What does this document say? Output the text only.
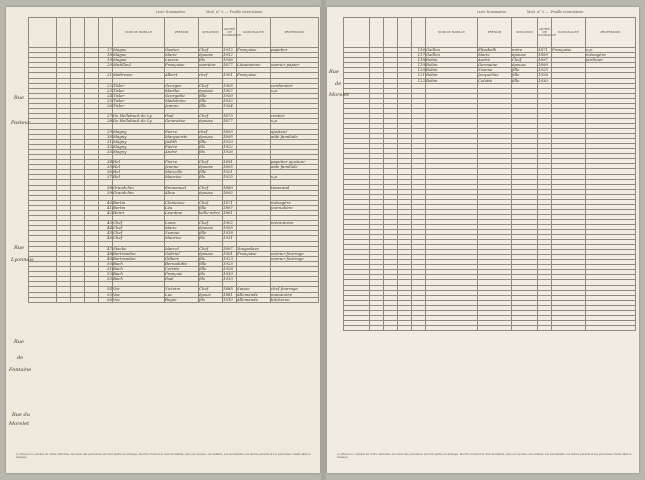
Liste Nominative	Mod. n° 3. — Feuille intercalaire.
					NOM DE FAMILLE	PRÉNOM	SITUATION	ANNÉE DE NAISSANCE	NATIONALITÉ	PROFESSION
				17	Magne	Gaston	Chef	1912	Française	papetier
				18	Magne	Marie	épouse	1912		
				19	Magne	Lucien	fils	1936		
				20	Mutilleul	Françoise	ouvrière	1877	Lituanienne	ouvrier papier

				21	Maîtresse	Albert	chef	1901	Française	

				22	Tisler	Georges	Chef	1905		cordonnier
				23	Tisler	Marthe	épouse	1907		s.p.
				24	Tisler	Georgette	fille	1930		
				25	Tisler	Madeleine	fille	1932		
				26	Tisler	Jeanne	fille	1934		

				27	De Hellebuck de Ly	Paul	Chef	1873		rentier
				28	De Hellebuck de Ly	Geneviève	épouse	1877		s.p.

				29	Magny	Pierre	chef	1893		ajusteur
				30	Magny	Marguerite	épouse	1895		aide familiale
				31	Magny	Judith	fille	1920		
				32	Magny	Pierre	fils	1922		
				33	Magny	André	fils	1926		

				34	Hel	Pierre	Chef	1891		papetier ajusteur
				35	Hel	Jeanne	épouse	1895		aide familiale
				36	Hel	Marcelle	fille	1921		
				37	Hel	Maurice	fils	1925		s.p.

				38	Grandchin	Emmanuel	Chef	1889		tisserand
				39	Grandchin	Aline	épouse	1892		

				40	Bertin	Clémence	Chef	1871		ménagère
				41	Bertin	Léa	fille	1897		journalière
				42	Henri	Léontine	belle-mère	1861		

				43	Chef	Louis	Chef	1902		mécanicien
				44	Chef	Marie	épouse	1905		
				45	Chef	Yvonne	fille	1928		
				46	Chef	Maurice	fils	1931		

				47	Stacke	Marcel	Chef	1897	Yougoslave	
				48	Bertrandon	Gabriel	épouse	1901	Française	ouvrier fourrage
				49	Bertrandon	Gilbert	fils	1923		ouvrier fourrage
				50	Bach	Bernadette	fille	1925		
				51	Bach	Colette	fille	1928		
				52	Bach	François	fils	1930		
				53	Bach	Paul	fils	1933		

				54	Vaz	Victoire	Chef	1885	Suisse	chef fourrage
				55	Vaz	Luc	époux	1881	Allemande	manœuvre
				56	Vaz	Roger	fils	1910	Allemande	bûcheron
Rue
Pasteur
Rue
Lyonnais
Rue
de
Fontaine
Rue du
Morelet
(1) Placer ici, suivant un ordre uniforme, les noms des personnes qui font partie du ménage. Inscrire d'abord le chef de famille, puis son épouse, ses enfants, ses ascendants, les autres parents et les personnes vivant dans le ménage.
Liste Nominative	Mod. n° 3. — Feuille intercalaire.
					NOM DE FAMILLE	PRÉNOM	SITUATION	ANNÉE DE NAISSANCE	NATIONALITÉ	PROFESSION
				116	Gaillon	Elisabeth	mère	1871	Française	s.p.
				117	Gaillon	Marie	épouse	1899		ménagère
				118	Robin	André	Chef	1897		jardinier
				119	Robin	Germaine	épouse	1899		
				120	Robin	Yvonne	fille	1925		
				121	Robin	Jacqueline	fille	1928		
				122	Robin	Colette	fille	1930		

Rue
de
Morelet
(1) Placer ici, suivant un ordre uniforme, les noms des personnes qui font partie du ménage. Inscrire d'abord le chef de famille, puis son épouse, ses enfants, ses ascendants, les autres parents et les personnes vivant dans le ménage.
